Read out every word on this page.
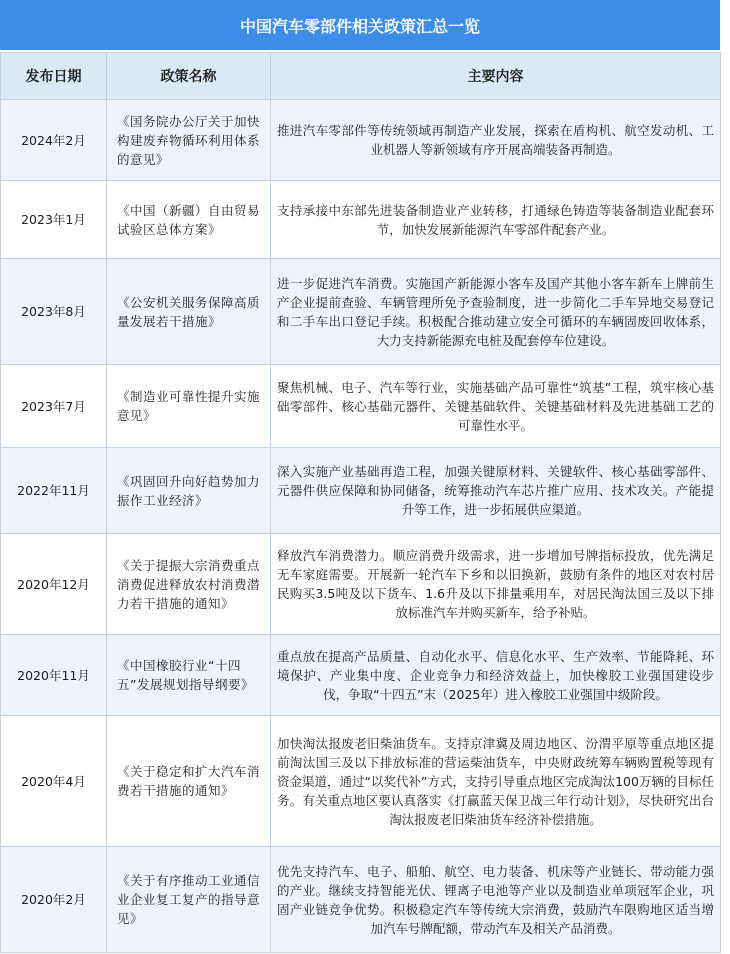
中国汽车零部件相关政策汇总一览
发布日期	政策名称	主要内容
2024年2月	《国务院办公厅关于加快构建废弃物循环利用体系的意见》	推进汽车零部件等传统领域再制造产业发展，探索在盾构机、航空发动机、工业机器人等新领域有序开展高端装备再制造。
2023年1月	《中国（新疆）自由贸易试验区总体方案》	支持承接中东部先进装备制造业产业转移，打通绿色铸造等装备制造业配套环节，加快发展新能源汽车零部件配套产业。
2023年8月	《公安机关服务保障高质量发展若干措施》	进一步促进汽车消费。实施国产新能源小客车及国产其他小客车新车上牌前生产企业提前查验、车辆管理所免予查验制度，进一步简化二手车异地交易登记和二手车出口登记手续。积极配合推动建立安全可循环的车辆固废回收体系，大力支持新能源充电桩及配套停车位建设。
2023年7月	《制造业可靠性提升实施意见》	聚焦机械、电子、汽车等行业，实施基础产品可靠性“筑基”工程，筑牢核心基础零部件、核心基础元器件、关键基础软件、关键基础材料及先进基础工艺的可靠性水平。
2022年11月	《巩固回升向好趋势加力振作工业经济》	深入实施产业基础再造工程，加强关键原材料、关键软件、核心基础零部件、元器件供应保障和协同储备，统筹推动汽车芯片推广应用、技术攻关。产能提升等工作，进一步拓展供应渠道。
2020年12月	《关于提振大宗消费重点消费促进释放农村消费潜力若干措施的通知》	释放汽车消费潜力。顺应消费升级需求，进一步增加号牌指标投放，优先满足无车家庭需要。开展新一轮汽车下乡和以旧换新，鼓励有条件的地区对农村居民购买3.5吨及以下货车、1.6升及以下排量乘用车，对居民淘汰国三及以下排放标准汽车并购买新车，给予补贴。
2020年11月	《中国橡胶行业“十四五”发展规划指导纲要》	重点放在提高产品质量、自动化水平、信息化水平、生产效率、节能降耗、环境保护、产业集中度、企业竞争力和经济效益上，加快橡胶工业强国建设步伐，争取“十四五”末（2025年）进入橡胶工业强国中级阶段。
2020年4月	《关于稳定和扩大汽车消费若干措施的通知》	加快淘汰报废老旧柴油货车。支持京津冀及周边地区、汾渭平原等重点地区提前淘汰国三及以下排放标准的营运柴油货车，中央财政统筹车辆购置税等现有资金渠道，通过“以奖代补”方式，支持引导重点地区完成淘汰100万辆的目标任务。有关重点地区要认真落实《打赢蓝天保卫战三年行动计划》，尽快研究出台淘汰报废老旧柴油货车经济补偿措施。
2020年2月	《关于有序推动工业通信业企业复工复产的指导意见》	优先支持汽车、电子、船舶、航空、电力装备、机床等产业链长、带动能力强的产业。继续支持智能光伏、锂离子电池等产业以及制造业单项冠军企业，巩固产业链竞争优势。积极稳定汽车等传统大宗消费，鼓励汽车限购地区适当增加汽车号牌配额，带动汽车及相关产品消费。
